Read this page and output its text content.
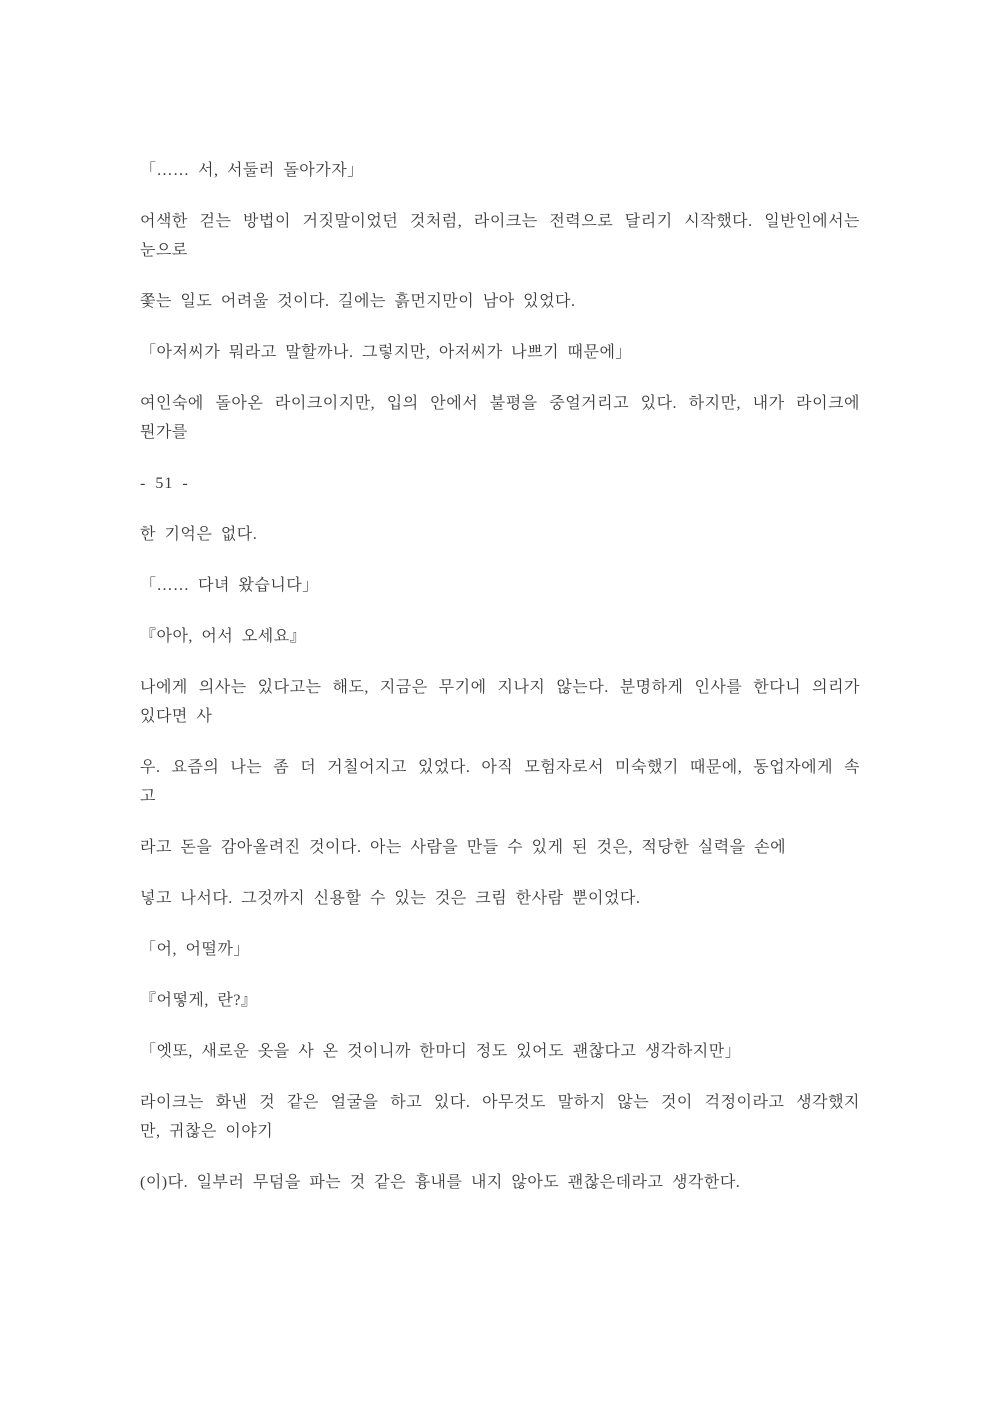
「…… 서, 서둘러 돌아가자」
어색한 걷는 방법이 거짓말이었던 것처럼, 라이크는 전력으로 달리기 시작했다. 일반인에서는
눈으로
쫓는 일도 어려울 것이다. 길에는 흙먼지만이 남아 있었다.
「아저씨가 뭐라고 말할까나. 그렇지만, 아저씨가 나쁘기 때문에」
여인숙에 돌아온 라이크이지만, 입의 안에서 불평을 중얼거리고 있다. 하지만, 내가 라이크에
뭔가를
- 51 -
한 기억은 없다.
「…… 다녀 왔습니다」
『아아, 어서 오세요』
나에게 의사는 있다고는 해도, 지금은 무기에 지나지 않는다. 분명하게 인사를 한다니 의리가
있다면 사
우. 요즘의 나는 좀 더 거칠어지고 있었다. 아직 모험자로서 미숙했기 때문에, 동업자에게 속
고
라고 돈을 감아올려진 것이다. 아는 사람을 만들 수 있게 된 것은, 적당한 실력을 손에
넣고 나서다. 그것까지 신용할 수 있는 것은 크림 한사람 뿐이었다.
「어, 어떨까」
『어떻게, 란?』
「엣또, 새로운 옷을 사 온 것이니까 한마디 정도 있어도 괜찮다고 생각하지만」
라이크는 화낸 것 같은 얼굴을 하고 있다. 아무것도 말하지 않는 것이 걱정이라고 생각했지
만, 귀찮은 이야기
(이)다. 일부러 무덤을 파는 것 같은 흉내를 내지 않아도 괜찮은데라고 생각한다.
